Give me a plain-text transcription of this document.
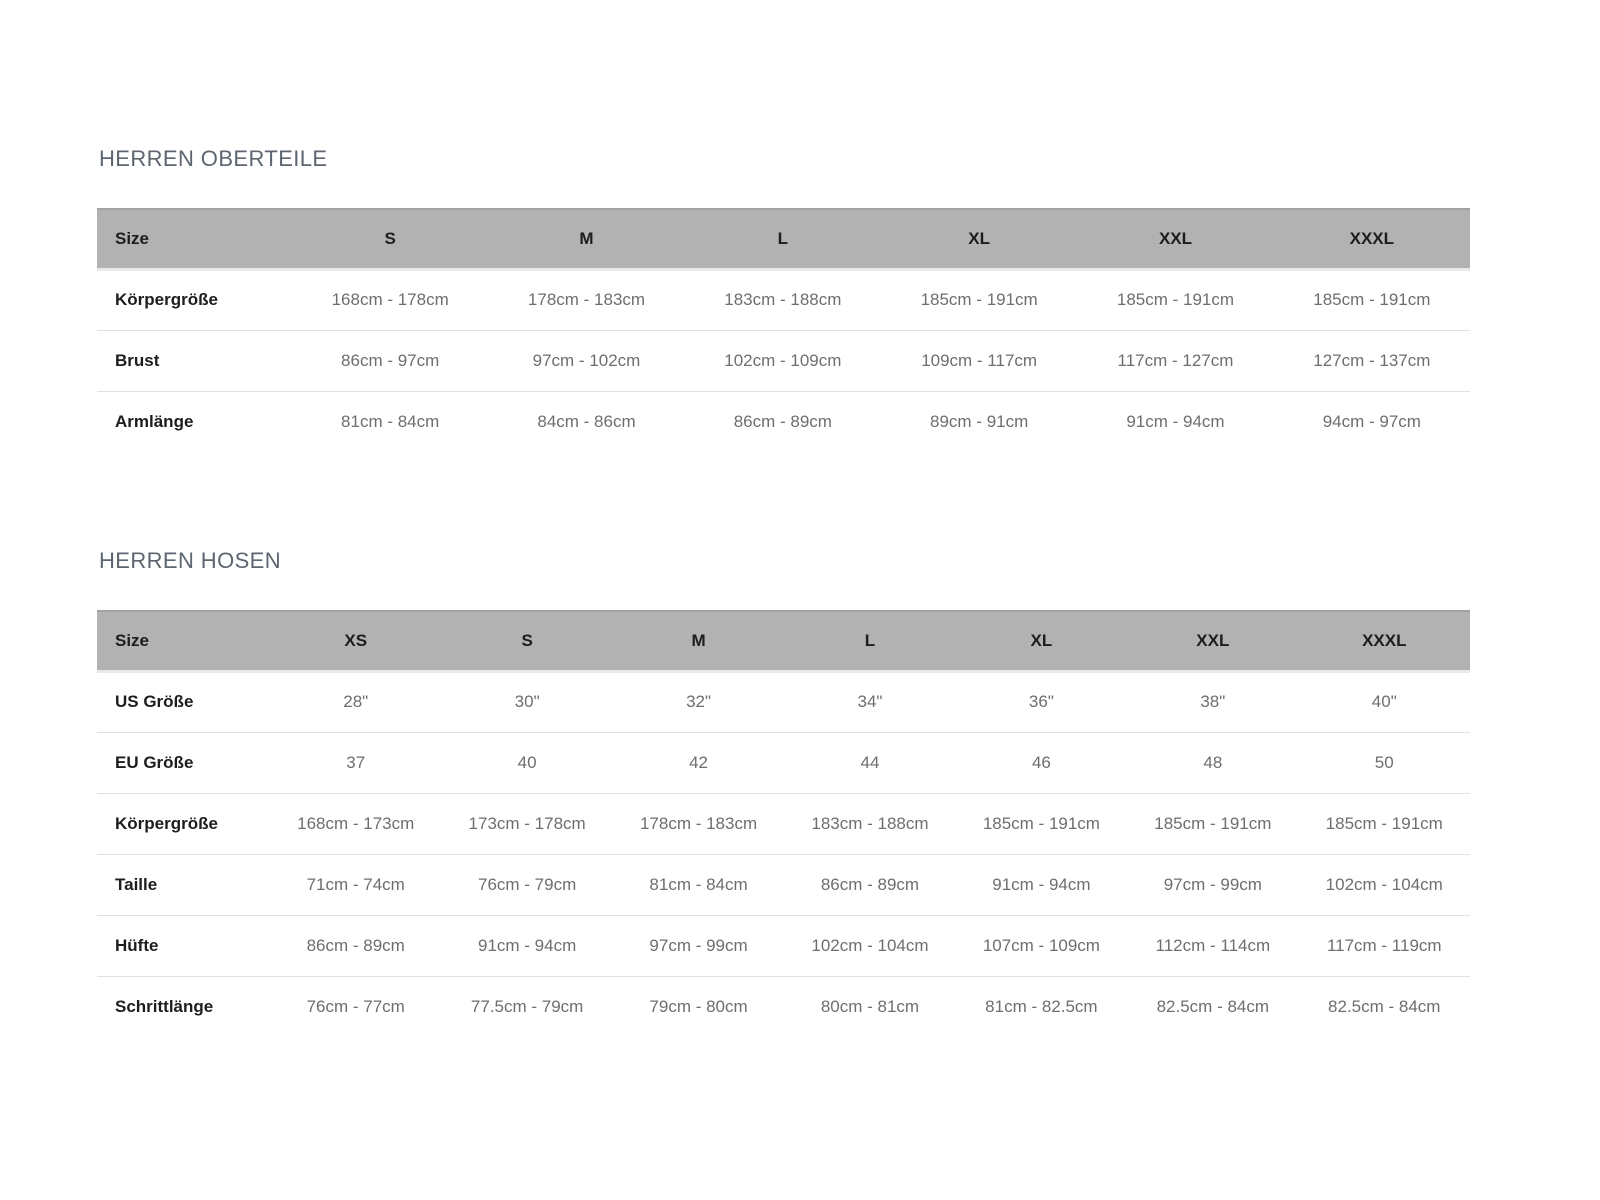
HERREN OBERTEILE
Size	S	M	L	XL	XXL	XXXL
Körpergröße	168cm - 178cm	178cm - 183cm	183cm - 188cm	185cm - 191cm	185cm - 191cm	185cm - 191cm
Brust	86cm - 97cm	97cm - 102cm	102cm - 109cm	109cm - 117cm	117cm - 127cm	127cm - 137cm
Armlänge	81cm - 84cm	84cm - 86cm	86cm - 89cm	89cm - 91cm	91cm - 94cm	94cm - 97cm
HERREN HOSEN
Size	XS	S	M	L	XL	XXL	XXXL
US Größe	28"	30"	32"	34"	36"	38"	40"
EU Größe	37	40	42	44	46	48	50
Körpergröße	168cm - 173cm	173cm - 178cm	178cm - 183cm	183cm - 188cm	185cm - 191cm	185cm - 191cm	185cm - 191cm
Taille	71cm - 74cm	76cm - 79cm	81cm - 84cm	86cm - 89cm	91cm - 94cm	97cm - 99cm	102cm - 104cm
Hüfte	86cm - 89cm	91cm - 94cm	97cm - 99cm	102cm - 104cm	107cm - 109cm	112cm - 114cm	117cm - 119cm
Schrittlänge	76cm - 77cm	77.5cm - 79cm	79cm - 80cm	80cm - 81cm	81cm - 82.5cm	82.5cm - 84cm	82.5cm - 84cm
